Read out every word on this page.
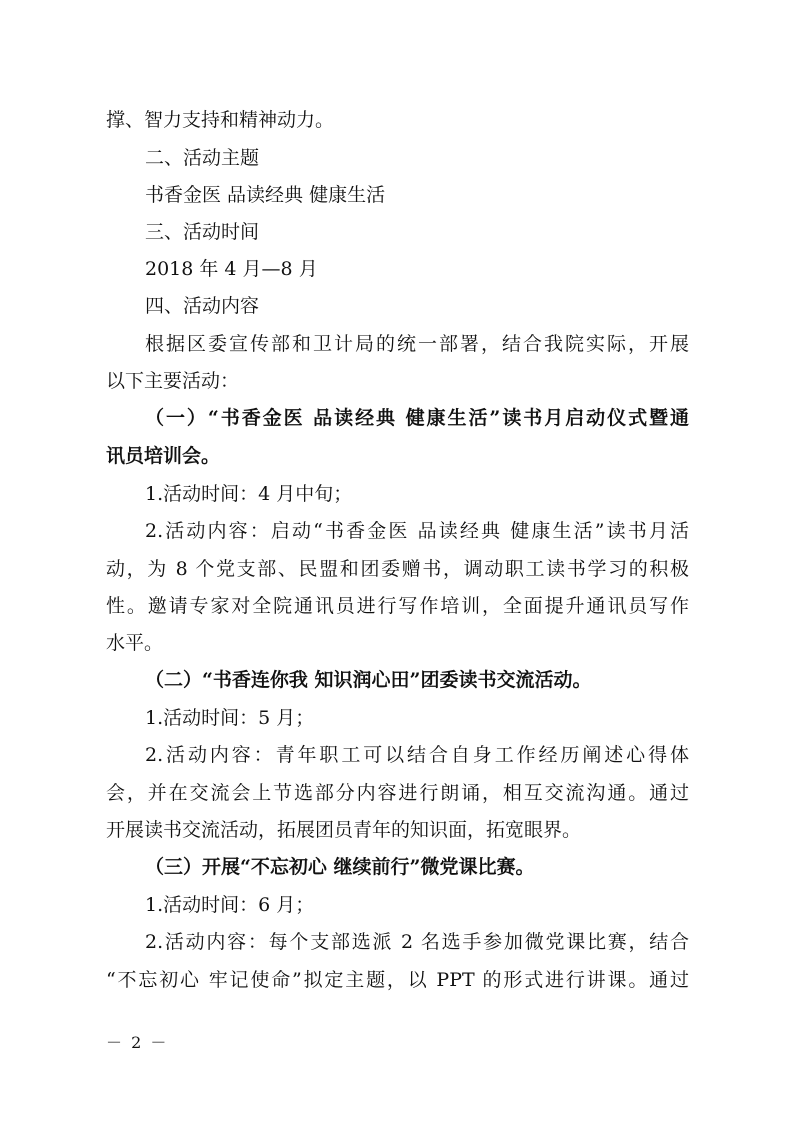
撑、智力支持和精神动力。
二、活动主题
书香金医 品读经典 健康生活
三、活动时间
2018 年 4 月—8 月
四、活动内容
根据区委宣传部和卫计局的统一部署，结合我院实际，开展
以下主要活动：
（一）“书香金医 品读经典 健康生活”读书月启动仪式暨通
讯员培训会。
1.活动时间：4 月中旬；
2.活动内容：启动“书香金医 品读经典 健康生活”读书月活
动，为 8 个党支部、民盟和团委赠书，调动职工读书学习的积极
性。邀请专家对全院通讯员进行写作培训，全面提升通讯员写作
水平。
（二）“书香连你我 知识润心田”团委读书交流活动。
1.活动时间：5 月；
2.活动内容：青年职工可以结合自身工作经历阐述心得体
会，并在交流会上节选部分内容进行朗诵，相互交流沟通。通过
开展读书交流活动，拓展团员青年的知识面，拓宽眼界。
（三）开展“不忘初心 继续前行”微党课比赛。
1.活动时间：6 月；
2.活动内容：每个支部选派 2 名选手参加微党课比赛，结合
“不忘初心 牢记使命”拟定主题，以 PPT 的形式进行讲课。通过
－ 2 －
